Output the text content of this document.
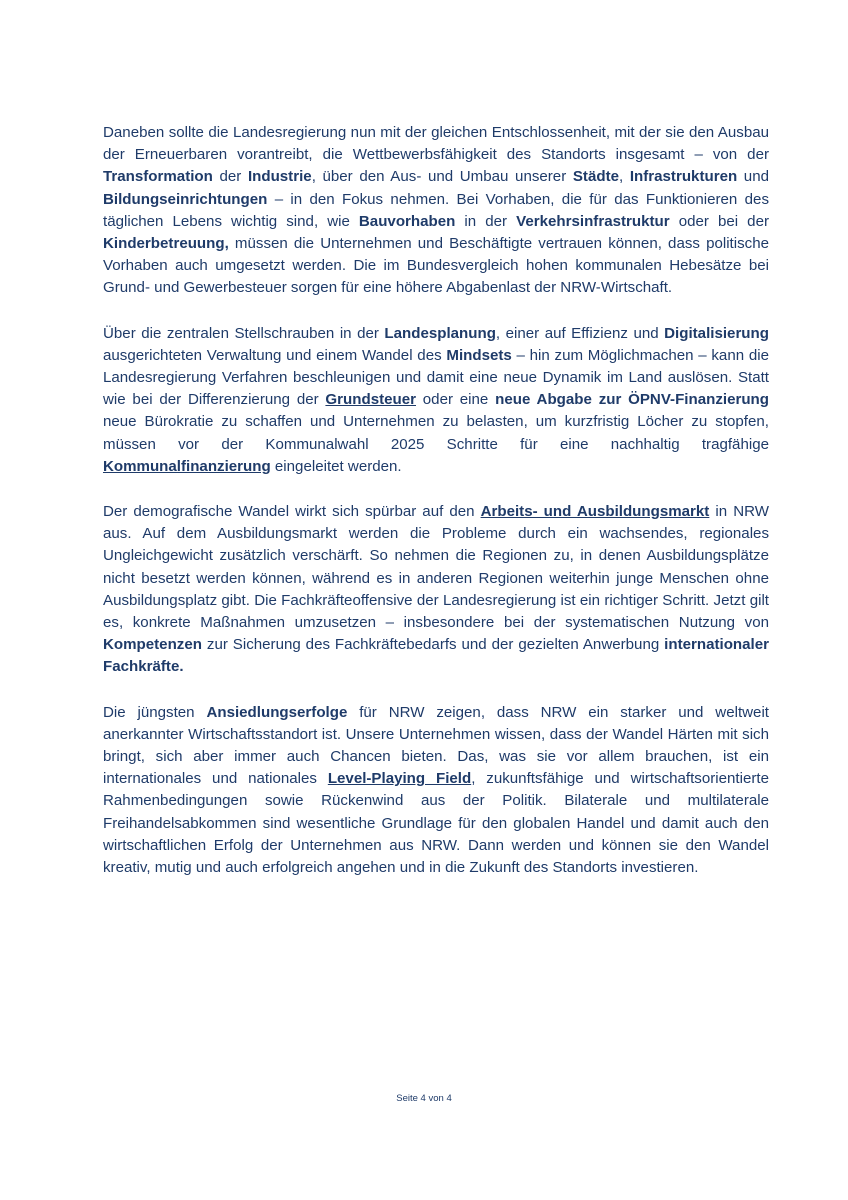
Daneben sollte die Landesregierung nun mit der gleichen Entschlossenheit, mit der sie den Ausbau der Erneuerbaren vorantreibt, die Wettbewerbsfähigkeit des Standorts insgesamt – von der Transformation der Industrie, über den Aus- und Umbau unserer Städte, Infrastrukturen und Bildungseinrichtungen – in den Fokus nehmen. Bei Vorhaben, die für das Funktionieren des täglichen Lebens wichtig sind, wie Bauvorhaben in der Verkehrsinfrastruktur oder bei der Kinderbetreuung, müssen die Unternehmen und Beschäftigte vertrauen können, dass politische Vorhaben auch umgesetzt werden. Die im Bundesvergleich hohen kommunalen Hebesätze bei Grund- und Gewerbesteuer sorgen für eine höhere Abgabenlast der NRW-Wirtschaft.

Über die zentralen Stellschrauben in der Landesplanung, einer auf Effizienz und Digitalisierung ausgerichteten Verwaltung und einem Wandel des Mindsets – hin zum Möglichmachen – kann die Landesregierung Verfahren beschleunigen und damit eine neue Dynamik im Land auslösen. Statt wie bei der Differenzierung der Grundsteuer oder eine neue Abgabe zur ÖPNV-Finanzierung neue Bürokratie zu schaffen und Unternehmen zu belasten, um kurzfristig Löcher zu stopfen, müssen vor der Kommunalwahl 2025 Schritte für eine nachhaltig tragfähige Kommunalfinanzierung eingeleitet werden.

Der demografische Wandel wirkt sich spürbar auf den Arbeits- und Ausbildungsmarkt in NRW aus. Auf dem Ausbildungsmarkt werden die Probleme durch ein wachsendes, regionales Ungleichgewicht zusätzlich verschärft. So nehmen die Regionen zu, in denen Ausbildungsplätze nicht besetzt werden können, während es in anderen Regionen weiterhin junge Menschen ohne Ausbildungsplatz gibt. Die Fachkräfteoffensive der Landesregierung ist ein richtiger Schritt. Jetzt gilt es, konkrete Maßnahmen umzusetzen – insbesondere bei der systematischen Nutzung von Kompetenzen zur Sicherung des Fachkräftebedarfs und der gezielten Anwerbung internationaler Fachkräfte.

Die jüngsten Ansiedlungserfolge für NRW zeigen, dass NRW ein starker und weltweit anerkannter Wirtschaftsstandort ist. Unsere Unternehmen wissen, dass der Wandel Härten mit sich bringt, sich aber immer auch Chancen bieten. Das, was sie vor allem brauchen, ist ein internationales und nationales Level-Playing Field, zukunftsfähige und wirtschaftsorientierte Rahmenbedingungen sowie Rückenwind aus der Politik. Bilaterale und multilaterale Freihandelsabkommen sind wesentliche Grundlage für den globalen Handel und damit auch den wirtschaftlichen Erfolg der Unternehmen aus NRW. Dann werden und können sie den Wandel kreativ, mutig und auch erfolgreich angehen und in die Zukunft des Standorts investieren.

Seite 4 von 4
